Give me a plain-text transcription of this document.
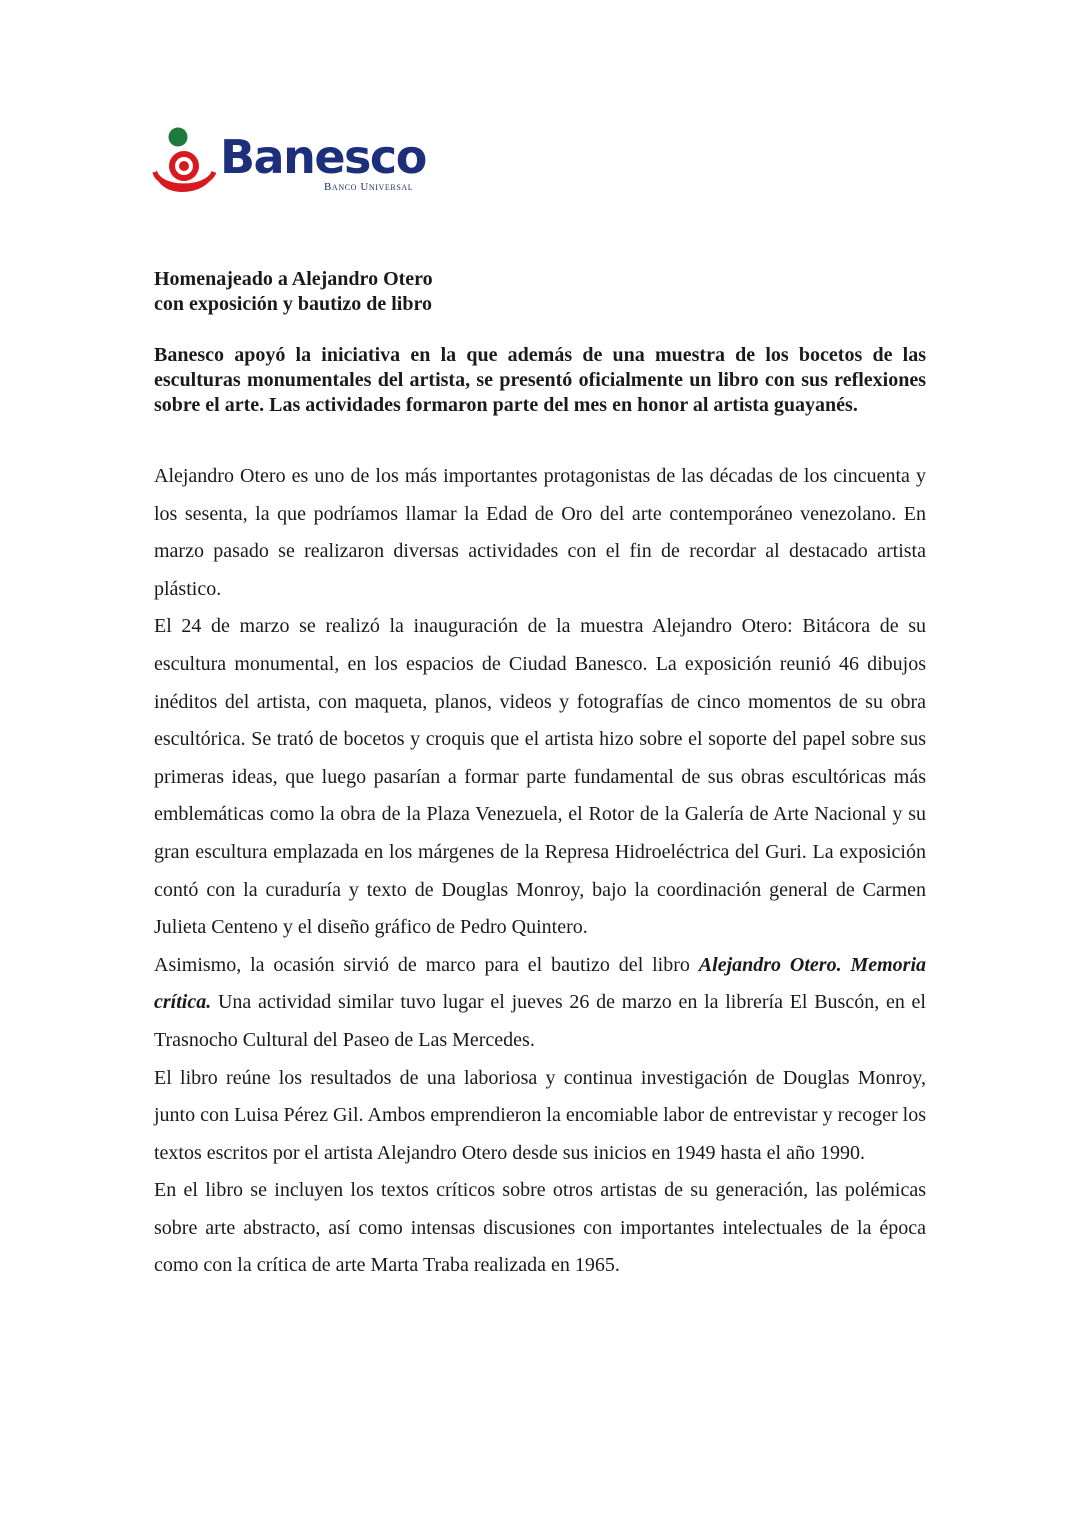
Banesco
Banco Universal
Homenajeado a Alejandro Otero
con exposición y bautizo de libro

Banesco apoyó la iniciativa en la que además de una muestra de los bocetos de las esculturas monumentales del artista, se presentó oficialmente un libro con sus reflexiones sobre el arte. Las actividades formaron parte del mes en honor al artista guayanés.

Alejandro Otero es uno de los más importantes protagonistas de las décadas de los cincuenta y los sesenta, la que podríamos llamar la Edad de Oro del arte contemporáneo venezolano. En marzo pasado se realizaron diversas actividades con el fin de recordar al destacado artista plástico.

El 24 de marzo se realizó la inauguración de la muestra Alejandro Otero: Bitácora de su escultura monumental, en los espacios de Ciudad Banesco. La exposición reunió 46 dibujos inéditos del artista, con maqueta, planos, videos y fotografías de cinco momentos de su obra escultórica. Se trató de bocetos y croquis que el artista hizo sobre el soporte del papel sobre sus primeras ideas, que luego pasarían a formar parte fundamental de sus obras escultóricas más emblemáticas como la obra de la Plaza Venezuela, el Rotor de la Galería de Arte Nacional y su gran escultura emplazada en los márgenes de la Represa Hidroeléctrica del Guri. La exposición contó con la curaduría y texto de Douglas Monroy, bajo la coordinación general de Carmen Julieta Centeno y el diseño gráfico de Pedro Quintero.

Asimismo, la ocasión sirvió de marco para el bautizo del libro Alejandro Otero. Memoria crítica. Una actividad similar tuvo lugar el jueves 26 de marzo en la librería El Buscón, en el Trasnocho Cultural del Paseo de Las Mercedes.

El libro reúne los resultados de una laboriosa y continua investigación de Douglas Monroy, junto con Luisa Pérez Gil. Ambos emprendieron la encomiable labor de entrevistar y recoger los textos escritos por el artista Alejandro Otero desde sus inicios en 1949 hasta el año 1990.

En el libro se incluyen los textos críticos sobre otros artistas de su generación, las polémicas sobre arte abstracto, así como intensas discusiones con importantes intelectuales de la época como con la crítica de arte Marta Traba realizada en 1965.
